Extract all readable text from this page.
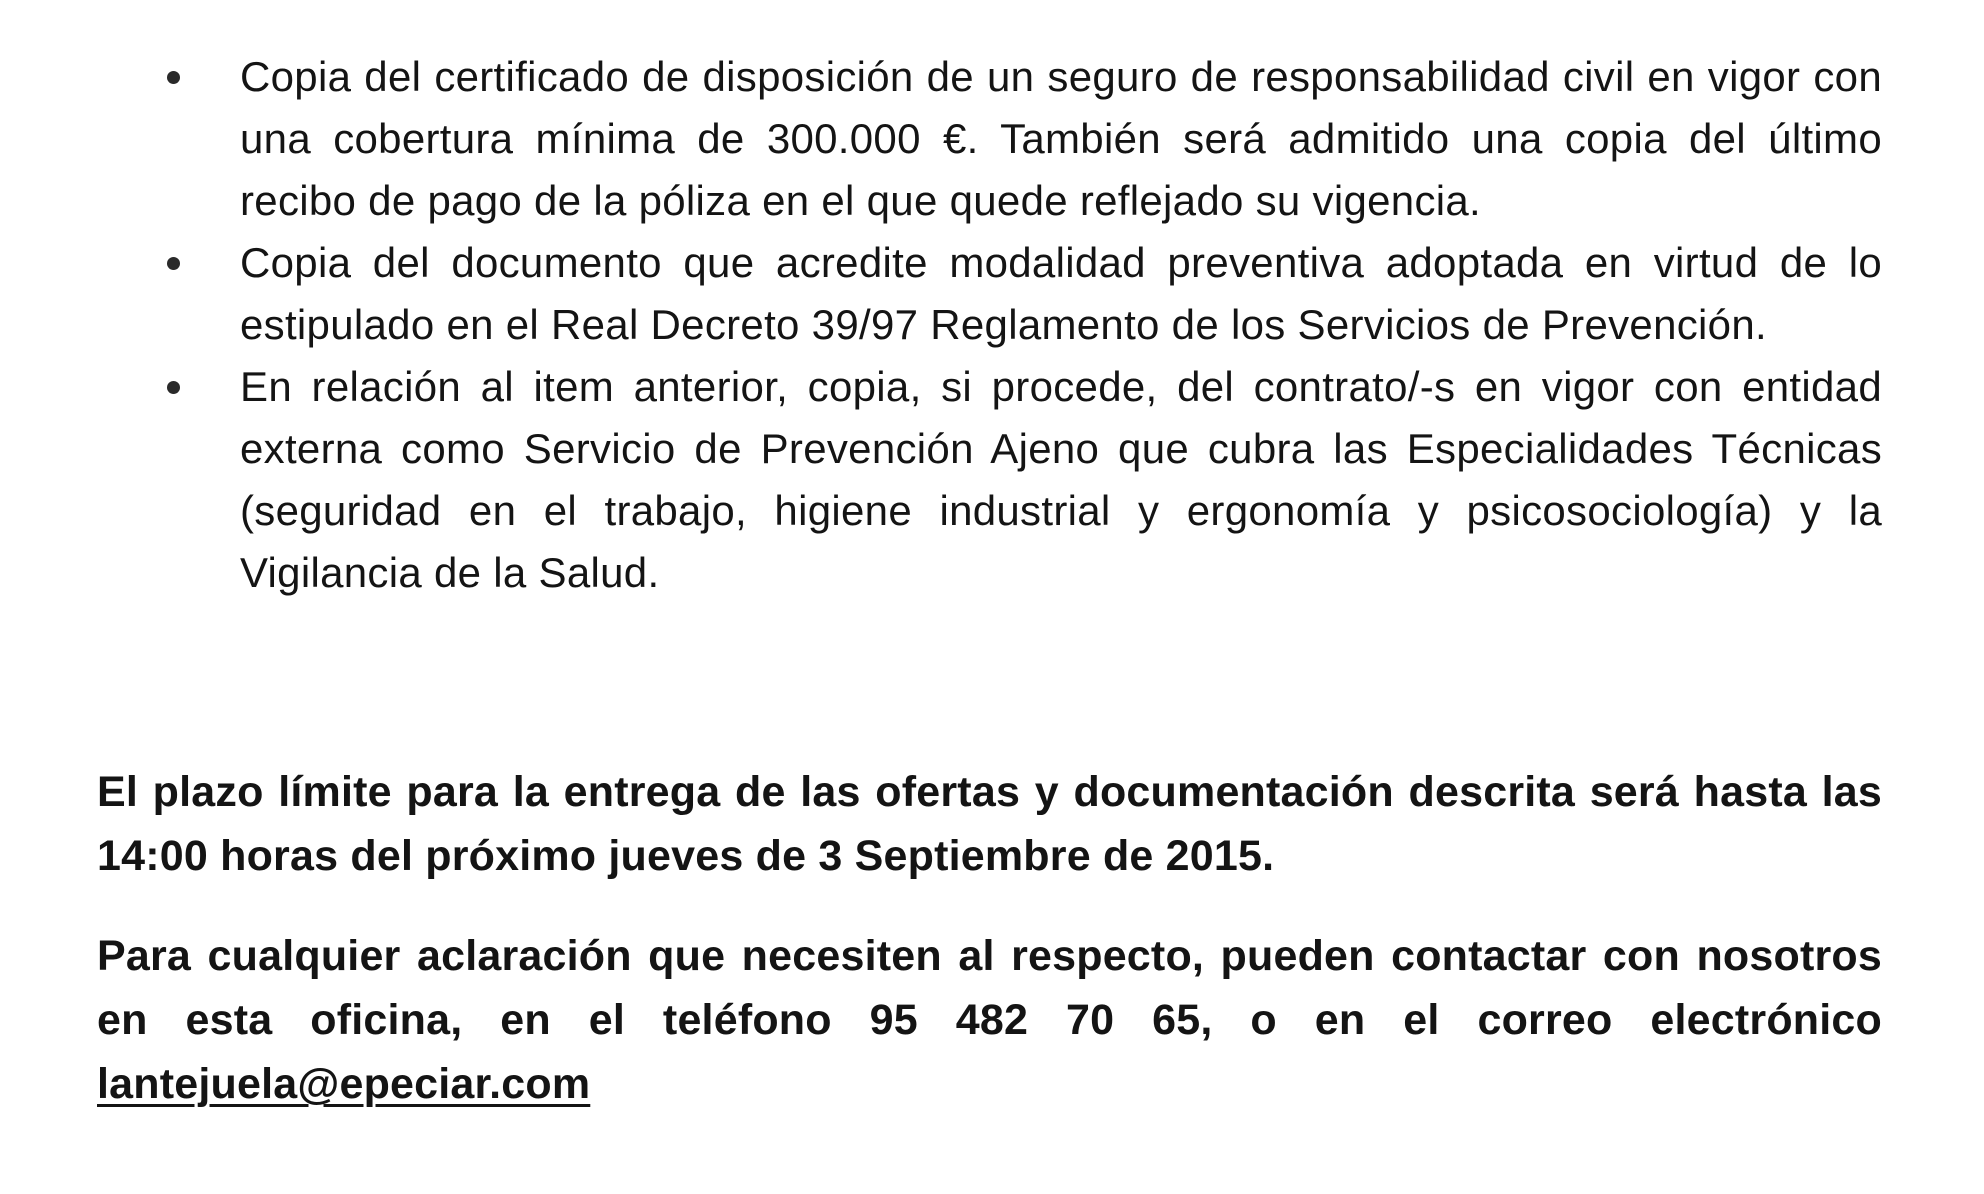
Copia del certificado de disposición de un seguro de responsabilidad civil en vigor con una cobertura mínima de 300.000 €. También será admitido una copia del último recibo de pago de la póliza en el que quede reflejado su vigencia.
Copia del documento que acredite modalidad preventiva adoptada en virtud de lo estipulado en el Real Decreto 39/97 Reglamento de los Servicios de Prevención.
En relación al item anterior, copia, si procede, del contrato/-s en vigor con entidad externa como Servicio de Prevención Ajeno que cubra las Especialidades Técnicas (seguridad en el trabajo, higiene industrial y ergonomía y psicosociología) y la Vigilancia de la Salud.

El plazo límite para la entrega de las ofertas y documentación descrita será hasta las 14:00 horas del próximo jueves de 3 Septiembre de 2015.

Para cualquier aclaración que necesiten al respecto, pueden contactar con nosotros en esta oficina, en el teléfono 95 482 70 65, o en el correo electrónico lantejuela@epeciar.com
